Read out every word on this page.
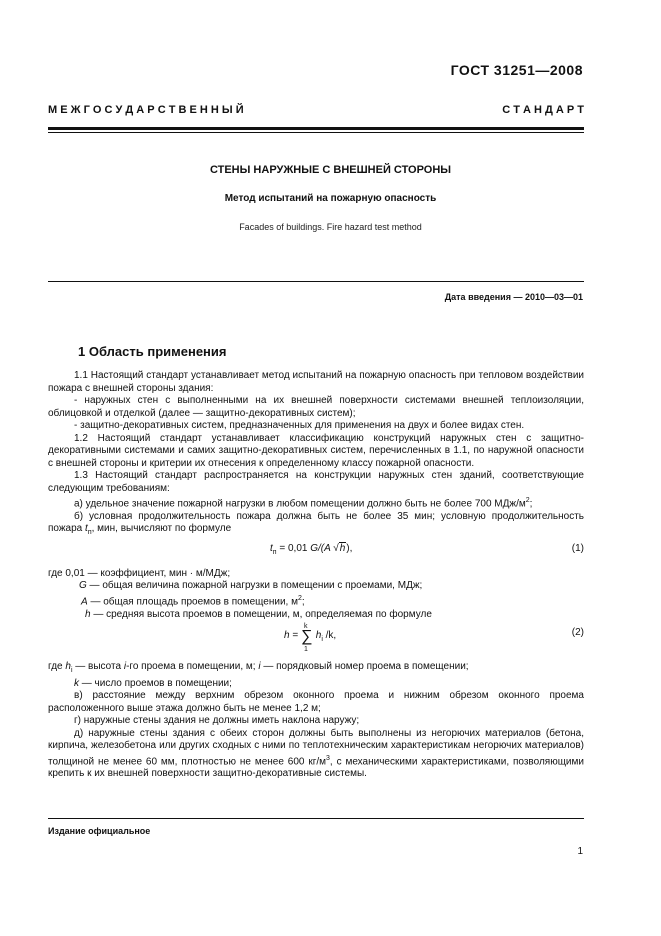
ГОСТ 31251—2008
М Е Ж Г О С У Д А Р С Т В Е Н Н Ы Й	С Т А Н Д А Р Т
СТЕНЫ НАРУЖНЫЕ С ВНЕШНЕЙ СТОРОНЫ
Метод испытаний на пожарную опасность
Facades of buildings. Fire hazard test method
Дата введения — 2010—03—01
1 Область применения

1.1 Настоящий стандарт устанавливает метод испытаний на пожарную опасность при тепловом воздействии пожара с внешней стороны здания:

- наружных стен с выполненными на их внешней поверхности системами внешней теплоизоляции, облицовкой и отделкой (далее — защитно-декоративных систем);

- защитно-декоративных систем, предназначенных для применения на двух и более видах стен.

1.2 Настоящий стандарт устанавливает классификацию конструкций наружных стен с защитно-декоративными системами и самих защитно-декоративных систем, перечисленных в 1.1, по наружной опасности с внешней стороны и критерии их отнесения к определенному классу пожарной опасности.

1.3 Настоящий стандарт распространяется на конструкции наружных стен зданий, соответствующие следующим требованиям:

а) удельное значение пожарной нагрузки в любом помещении должно быть не более 700 МДж/$м^2$;

б) условная продолжительность пожара должна быть не более 35 мин; условную продолжительность пожара $t_п$, мин, вычисляют по формуле

$t_п = 0,01$ G/(A √h),	(1)

где 0,01 — коэффициент, мин · м/МДж;

G — общая величина пожарной нагрузки в помещении с проемами, МДж;

A — общая площадь проемов в помещении, $м^2$;

h — средняя высота проемов в помещении, м, определяемая по формуле

h =
k
∑
1
$h_i$ /k,	(2)

где $h_i$ — высота i-го проема в помещении, м; i — порядковый номер проема в помещении;

k — число проемов в помещении;

в) расстояние между верхним обрезом оконного проема и нижним обрезом оконного проема расположенного выше этажа должно быть не менее 1,2 м;

г) наружные стены здания не должны иметь наклона наружу;

д) наружные стены здания с обеих сторон должны быть выполнены из негорючих материалов (бетона, кирпича, железобетона или других сходных с ними по теплотехническим характеристикам негорючих материалов) толщиной не менее 60 мм, плотностью не менее 600 $кг/м^3$, с механическими характеристиками, позволяющими крепить к их внешней поверхности защитно-декоративные системы.

Издание официальное
1
